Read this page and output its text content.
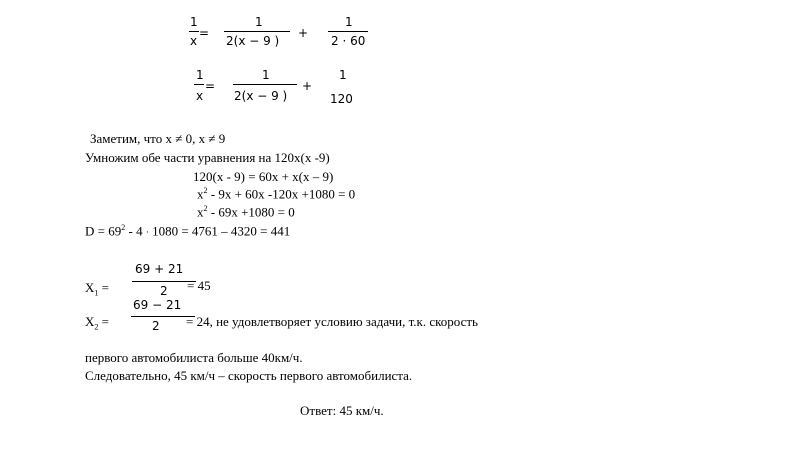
1
x
=
1
2(x − 9 )
+
1
2 · 60
1
x
=
1
2(x − 9 )
+
1
120
Заметим, что x ≠ 0, x ≠ 9
Умножим обе части уравнения на 120x(x -9)
120(x - 9) = 60x + x(x – 9)
$x^2 - 9x + 60x$ -120x +1080 = 0
$x^2 - 69x +1080 = 0$
$D = 69^2 - 4 \cdot 1080 = 4761 - 4320 = 441$
$X_1$ =
69 + 21
2 = 45
$X_2$ =
69 − 21
2 = 24, не удовлетворяет условию задачи, т.к. скорость
первого автомобилиста больше 40км/ч.
Следовательно, 45 км/ч – скорость первого автомобилиста.
Ответ: 45 км/ч.
